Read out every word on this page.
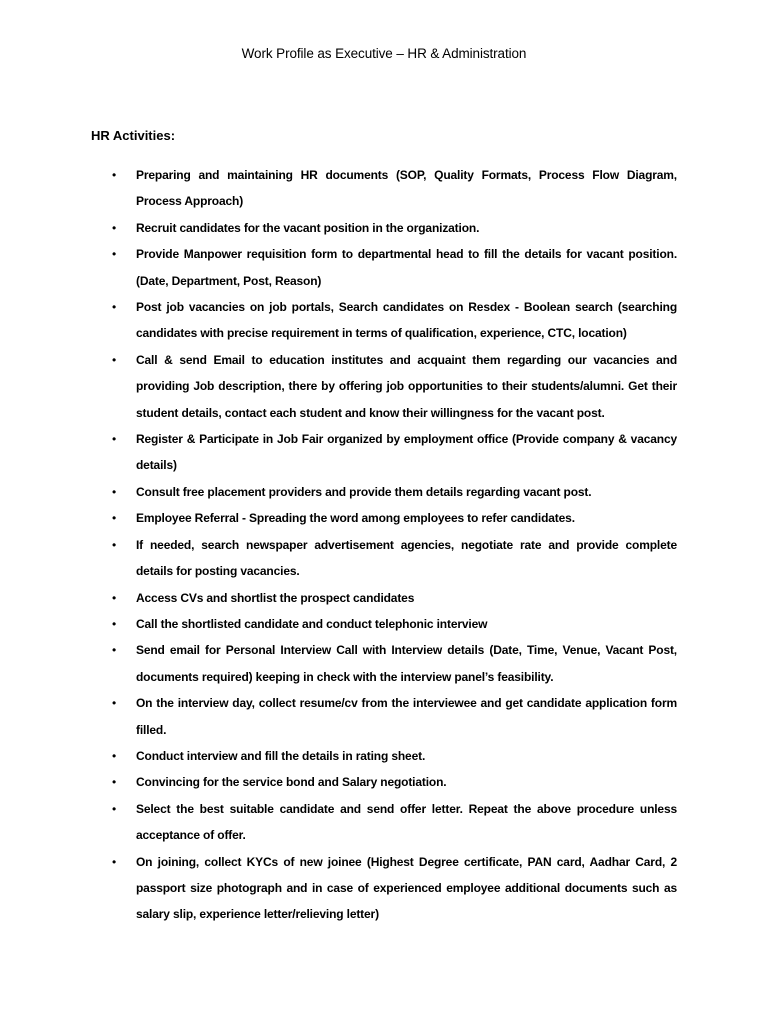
Work Profile as Executive – HR & Administration
HR Activities:
• Preparing and maintaining HR documents (SOP, Quality Formats, Process Flow Diagram, Process Approach)
• Recruit candidates for the vacant position in the organization.
• Provide Manpower requisition form to departmental head to fill the details for vacant position. (Date, Department, Post, Reason)
• Post job vacancies on job portals, Search candidates on Resdex - Boolean search (searching candidates with precise requirement in terms of qualification, experience, CTC, location)
• Call & send Email to education institutes and acquaint them regarding our vacancies and providing Job description, there by offering job opportunities to their students/alumni. Get their student details, contact each student and know their willingness for the vacant post.
• Register & Participate in Job Fair organized by employment office (Provide company & vacancy details)
• Consult free placement providers and provide them details regarding vacant post.
• Employee Referral - Spreading the word among employees to refer candidates.
• If needed, search newspaper advertisement agencies, negotiate rate and provide complete details for posting vacancies.
• Access CVs and shortlist the prospect candidates
• Call the shortlisted candidate and conduct telephonic interview
• Send email for Personal Interview Call with Interview details (Date, Time, Venue, Vacant Post, documents required) keeping in check with the interview panel’s feasibility.
• On the interview day, collect resume/cv from the interviewee and get candidate application form filled.
• Conduct interview and fill the details in rating sheet.
• Convincing for the service bond and Salary negotiation.
• Select the best suitable candidate and send offer letter. Repeat the above procedure unless acceptance of offer.
• On joining, collect KYCs of new joinee (Highest Degree certificate, PAN card, Aadhar Card, 2 passport size photograph and in case of experienced employee additional documents such as salary slip, experience letter/relieving letter)
